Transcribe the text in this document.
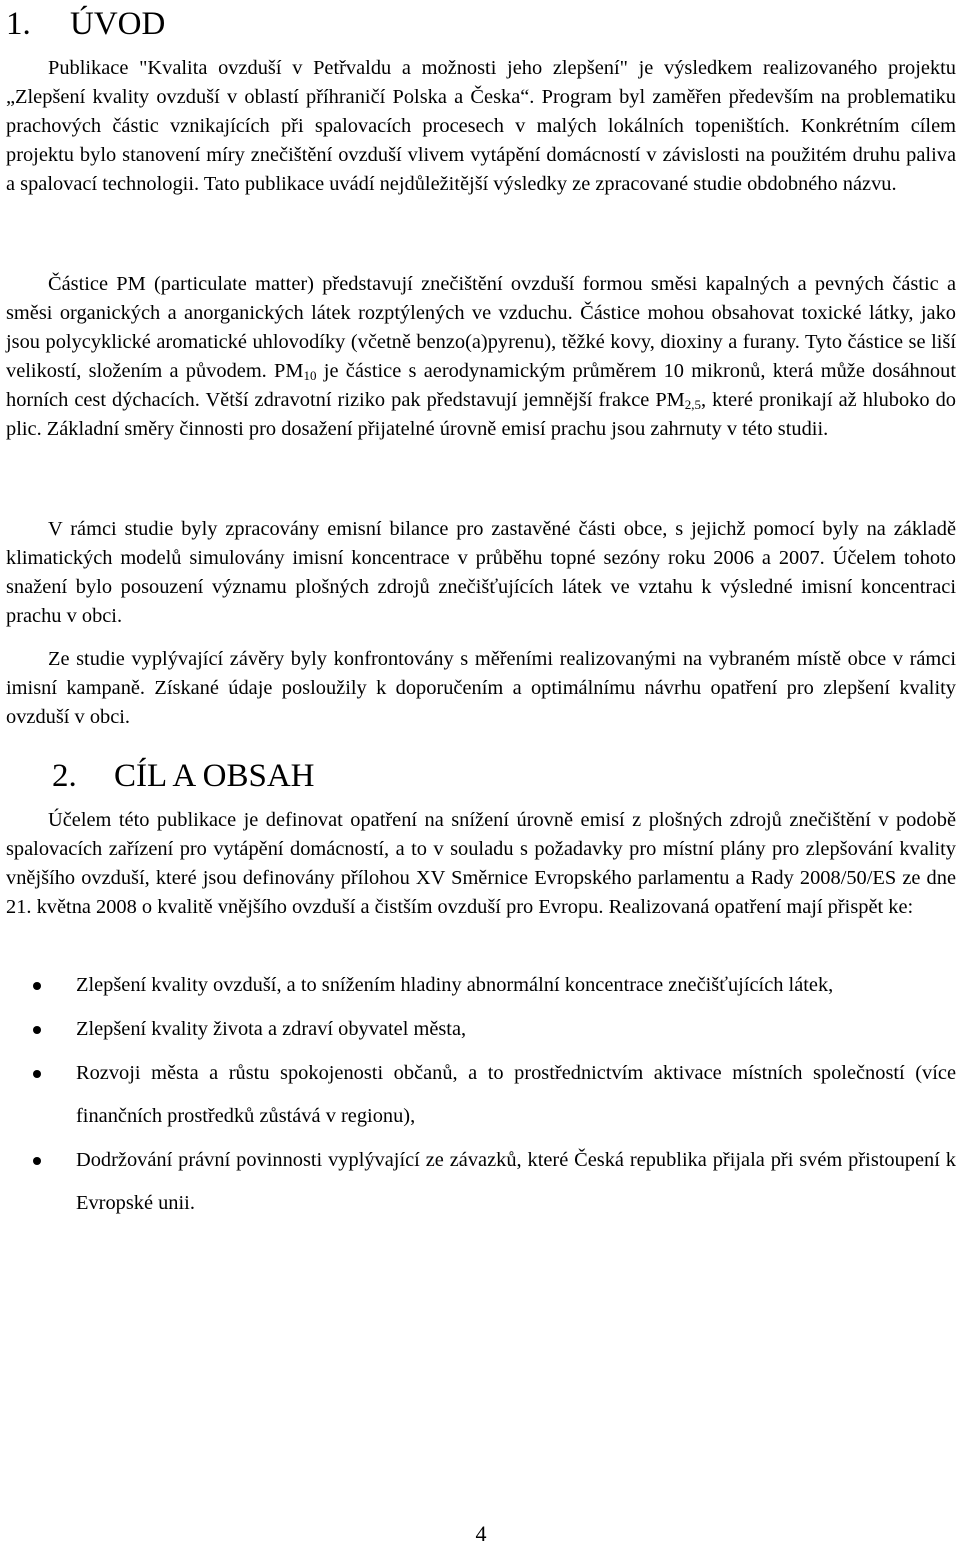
1.	ÚVOD

Publikace "Kvalita ovzduší v Petřvaldu a možnosti jeho zlepšení" je výsledkem realizovaného projektu „Zlepšení kvality ovzduší v oblastí příhraničí Polska a Česka“. Program byl zaměřen především na problematiku prachových částic vznikajících při spalovacích procesech v malých lokálních topeništích. Konkrétním cílem projektu bylo stanovení míry znečištění ovzduší vlivem vytápění domácností v závislosti na použitém druhu paliva a spalovací technologii. Tato publikace uvádí nejdůležitější výsledky ze zpracované studie obdobného názvu.

Částice PM (particulate matter) představují znečištění ovzduší formou směsi kapalných a pevných částic a směsi organických a anorganických látek rozptýlených ve vzduchu. Částice mohou obsahovat toxické látky, jako jsou polycyklické aromatické uhlovodíky (včetně benzo(a)pyrenu), těžké kovy, dioxiny a furany. Tyto částice se liší velikostí, složením a původem. $PM_{10}$ je částice s aerodynamickým průměrem 10 mikronů, která může dosáhnout horních cest dýchacích. Větší zdravotní riziko pak představují jemnější frakce $PM_{2,5}$, které pronikají až hluboko do plic. Základní směry činnosti pro dosažení přijatelné úrovně emisí prachu jsou zahrnuty v této studii.

V rámci studie byly zpracovány emisní bilance pro zastavěné části obce, s jejichž pomocí byly na základě klimatických modelů simulovány imisní koncentrace v průběhu topné sezóny roku 2006 a 2007. Účelem tohoto snažení bylo posouzení významu plošných zdrojů znečišťujících látek ve vztahu k výsledné imisní koncentraci prachu v obci.

Ze studie vyplývající závěry byly konfrontovány s měřeními realizovanými na vybraném místě obce v rámci imisní kampaně. Získané údaje posloužily k doporučením a optimálnímu návrhu opatření pro zlepšení kvality ovzduší v obci.

2.	CÍL A OBSAH

Účelem této publikace je definovat opatření na snížení úrovně emisí z plošných zdrojů znečištění v podobě spalovacích zařízení pro vytápění domácností, a to v souladu s požadavky pro místní plány pro zlepšování kvality vnějšího ovzduší, které jsou definovány přílohou XV Směrnice Evropského parlamentu a Rady 2008/50/ES ze dne 21. května 2008 o kvalitě vnějšího ovzduší a čistším ovzduší pro Evropu. Realizovaná opatření mají přispět ke:

Zlepšení kvality ovzduší, a to snížením hladiny abnormální koncentrace znečišťujících látek,
Zlepšení kvality života a zdraví obyvatel města,
Rozvoji města a růstu spokojenosti občanů, a to prostřednictvím aktivace místních společností (více finančních prostředků zůstává v regionu),
Dodržování právní povinnosti vyplývající ze závazků, které Česká republika přijala při svém přistoupení k Evropské unii.
4
